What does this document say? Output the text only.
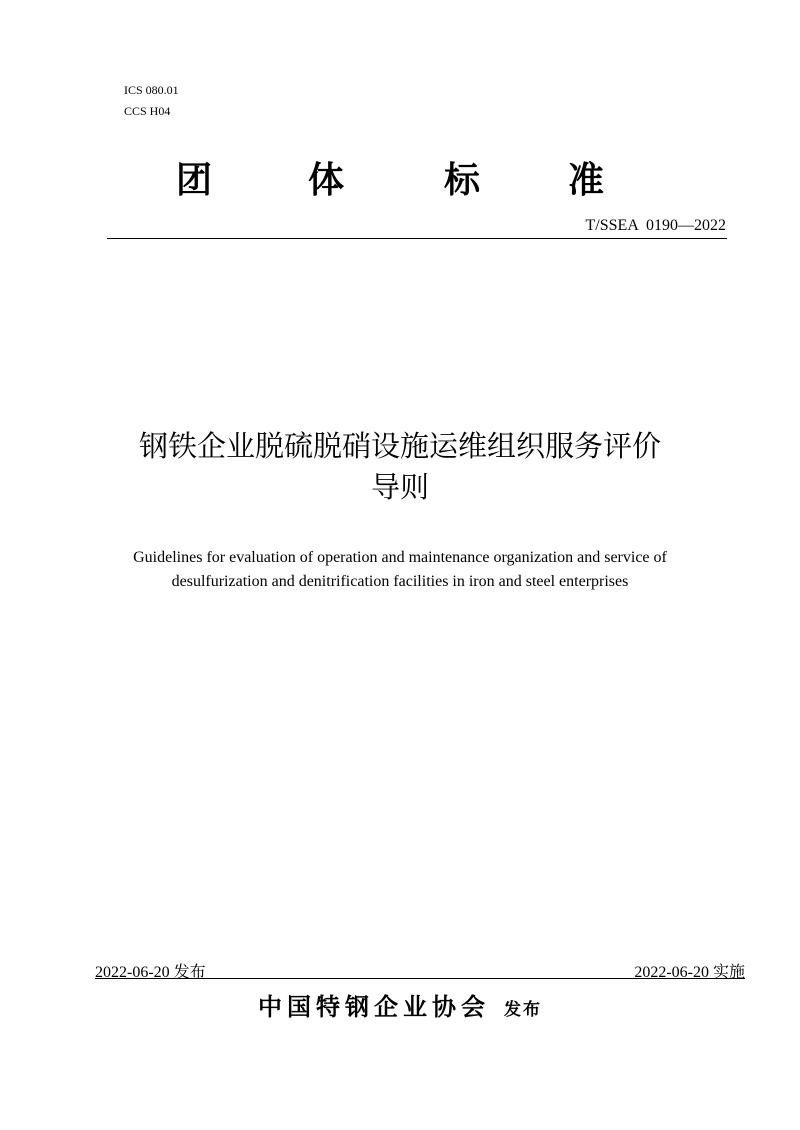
ICS 080.01
CCS H04
团	体	标 准
T/SSEA  0190—2022
钢铁企业脱硫脱硝设施运维组织服务评价
导则
Guidelines for evaluation of operation and maintenance organization and service of
desulfurization and denitrification facilities in iron and steel enterprises
2022-06-20 发布	2022-06-20 实施
中国特钢企业协会 发布
